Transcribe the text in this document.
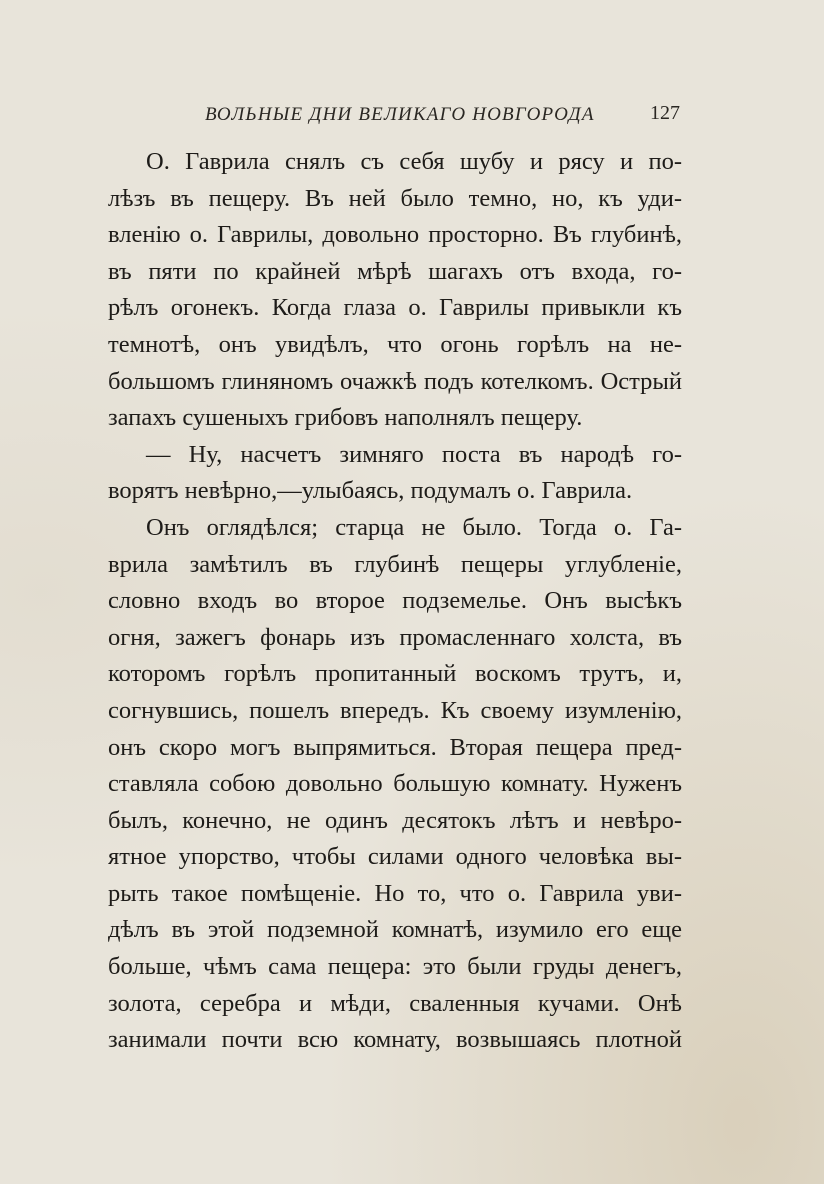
ВОЛЬНЫЕ ДНИ ВЕЛИКАГО НОВГОРОДА	127
О. Гаврила снялъ съ себя шубу и рясу и по-
лѣзъ въ пещеру. Въ ней было темно, но, къ уди-
вленію о. Гаврилы, довольно просторно. Въ глубинѣ,
въ пяти по крайней мѣрѣ шагахъ отъ входа, го-
рѣлъ огонекъ. Когда глаза о. Гаврилы привыкли къ
темнотѣ, онъ увидѣлъ, что огонь горѣлъ на не-
большомъ глиняномъ очажкѣ подъ котелкомъ. Острый
запахъ сушеныхъ грибовъ наполнялъ пещеру.
— Ну, насчетъ зимняго поста въ народѣ го-
ворятъ невѣрно,—улыбаясь, подумалъ о. Гаврила.
Онъ оглядѣлся; старца не было. Тогда о. Га-
врила замѣтилъ въ глубинѣ пещеры углубленіе,
словно входъ во второе подземелье. Онъ высѣкъ
огня, зажегъ фонарь изъ промасленнаго холста, въ
которомъ горѣлъ пропитанный воскомъ трутъ, и,
согнувшись, пошелъ впередъ. Къ своему изумленію,
онъ скоро могъ выпрямиться. Вторая пещера пред-
ставляла собою довольно большую комнату. Нуженъ
былъ, конечно, не одинъ десятокъ лѣтъ и невѣро-
ятное упорство, чтобы силами одного человѣка вы-
рыть такое помѣщеніе. Но то, что о. Гаврила уви-
дѣлъ въ этой подземной комнатѣ, изумило его еще
больше, чѣмъ сама пещера: это были груды денегъ,
золота, серебра и мѣди, сваленныя кучами. Онѣ
занимали почти всю комнату, возвышаясь плотной
